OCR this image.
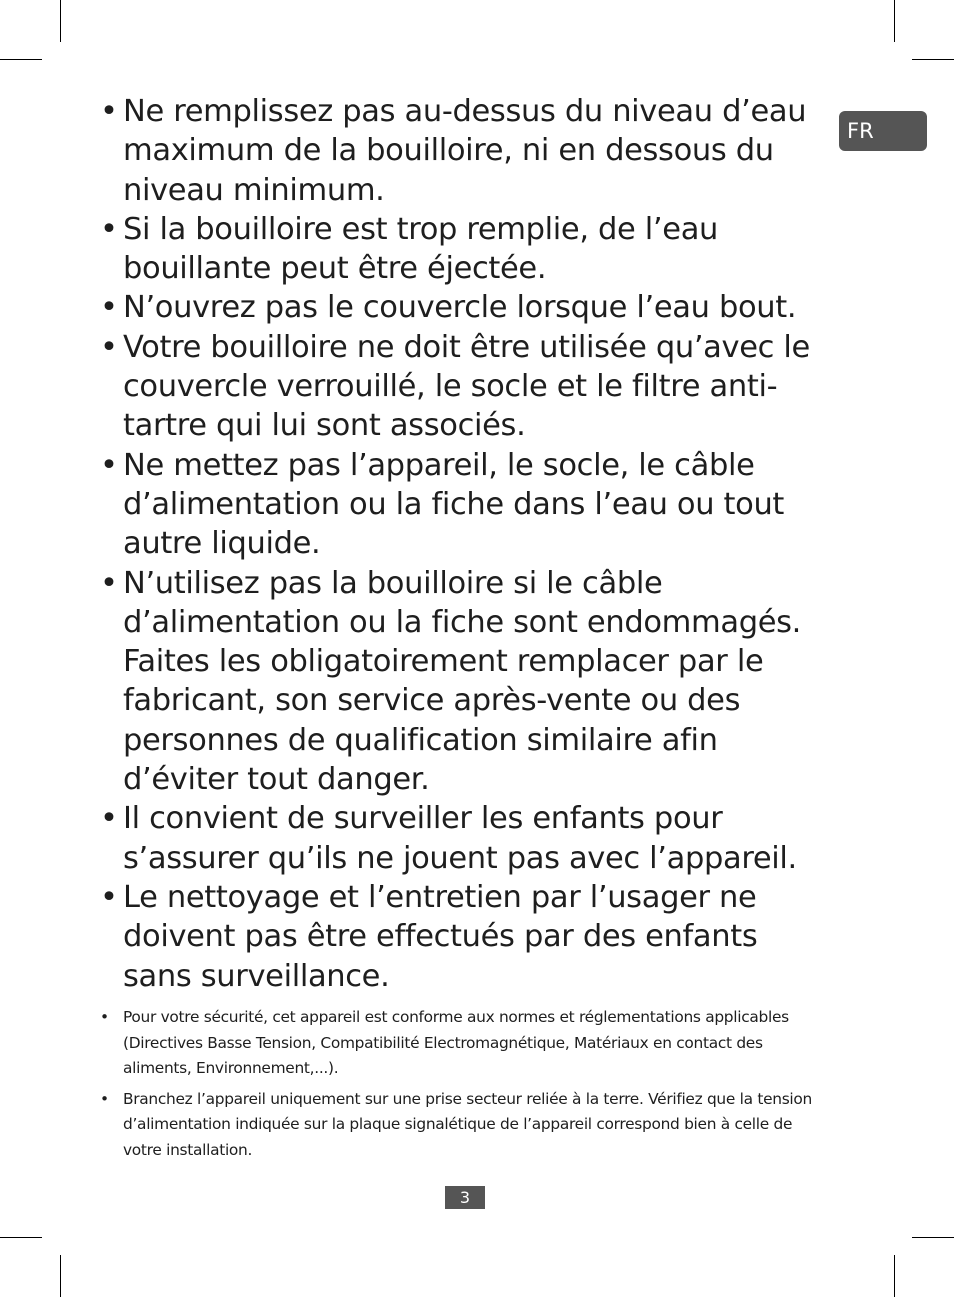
FR
• Ne remplissez pas au-dessus du niveau d’eau maximum de la bouilloire, ni en dessous du niveau minimum.
• Si la bouilloire est trop remplie, de l’eau bouillante peut être éjectée.
• N’ouvrez pas le couvercle lorsque l’eau bout.
• Votre bouilloire ne doit être utilisée qu’avec le couvercle verrouillé, le socle et le filtre anti-tartre qui lui sont associés.
• Ne mettez pas l’appareil, le socle, le câble d’alimentation ou la fiche dans l’eau ou tout autre liquide.
• N’utilisez pas la bouilloire si le câble d’alimentation ou la fiche sont endommagés. Faites les obligatoirement remplacer par le fabricant, son service après-vente ou des personnes de qualification similaire afin d’éviter tout danger.
• Il convient de surveiller les enfants pour s’assurer qu’ils ne jouent pas avec l’appareil.
• Le nettoyage et l’entretien par l’usager ne doivent pas être effectués par des enfants sans surveillance.
• Pour votre sécurité, cet appareil est conforme aux normes et réglementations applicables (Directives Basse Tension, Compatibilité Electromagnétique, Matériaux en contact des aliments, Environnement,...).
• Branchez l’appareil uniquement sur une prise secteur reliée à la terre. Vérifiez que la tension d’alimentation indiquée sur la plaque signalétique de l’appareil correspond bien à celle de votre installation.
3
